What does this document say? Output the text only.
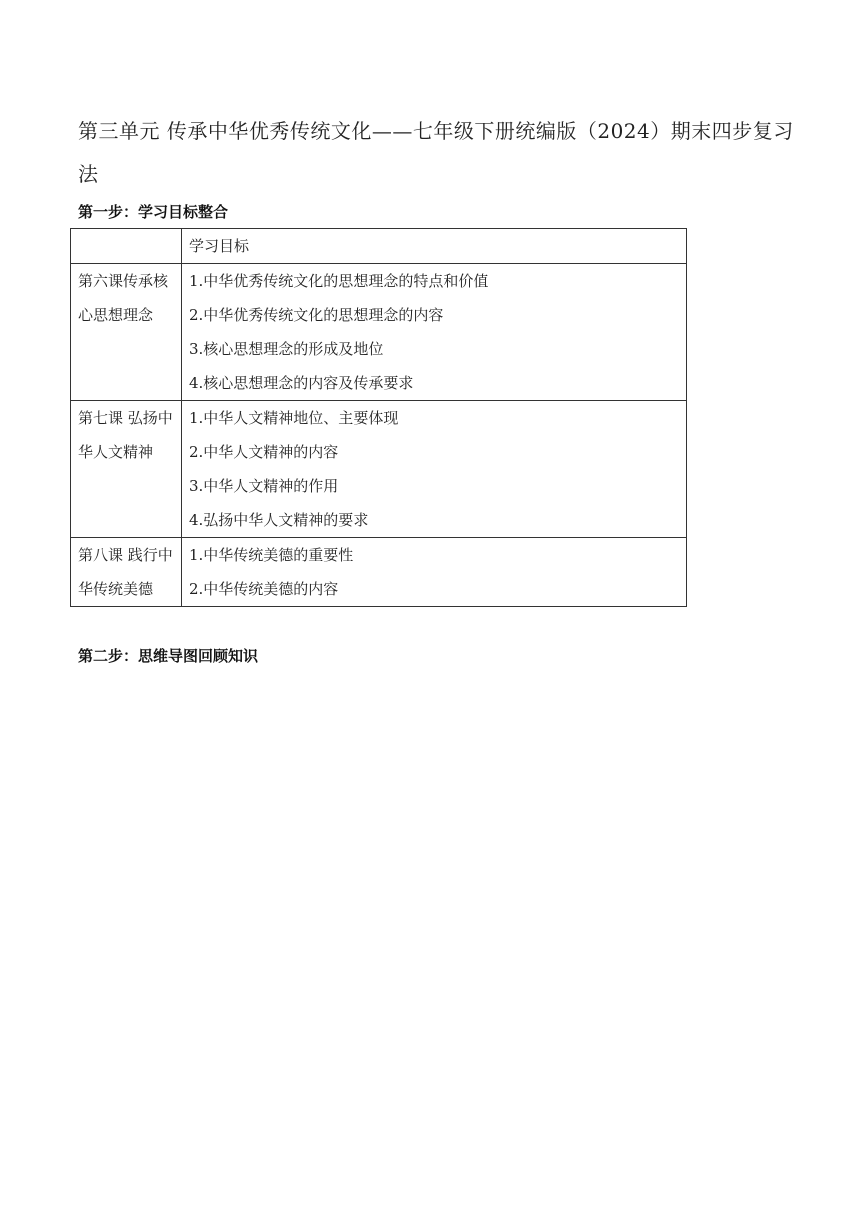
第三单元 传承中华优秀传统文化——七年级下册统编版（2024）期末四步复习法
第一步：学习目标整合
	学习目标
第六课传承核心思想理念	1.中华优秀传统文化的思想理念的特点和价值
2.中华优秀传统文化的思想理念的内容
3.核心思想理念的形成及地位
4.核心思想理念的内容及传承要求

第七课 弘扬中华人文精神	1.中华人文精神地位、主要体现
2.中华人文精神的内容
3.中华人文精神的作用
4.弘扬中华人文精神的要求

第八课 践行中华传统美德	1.中华传统美德的重要性
2.中华传统美德的内容
第二步：思维导图回顾知识
